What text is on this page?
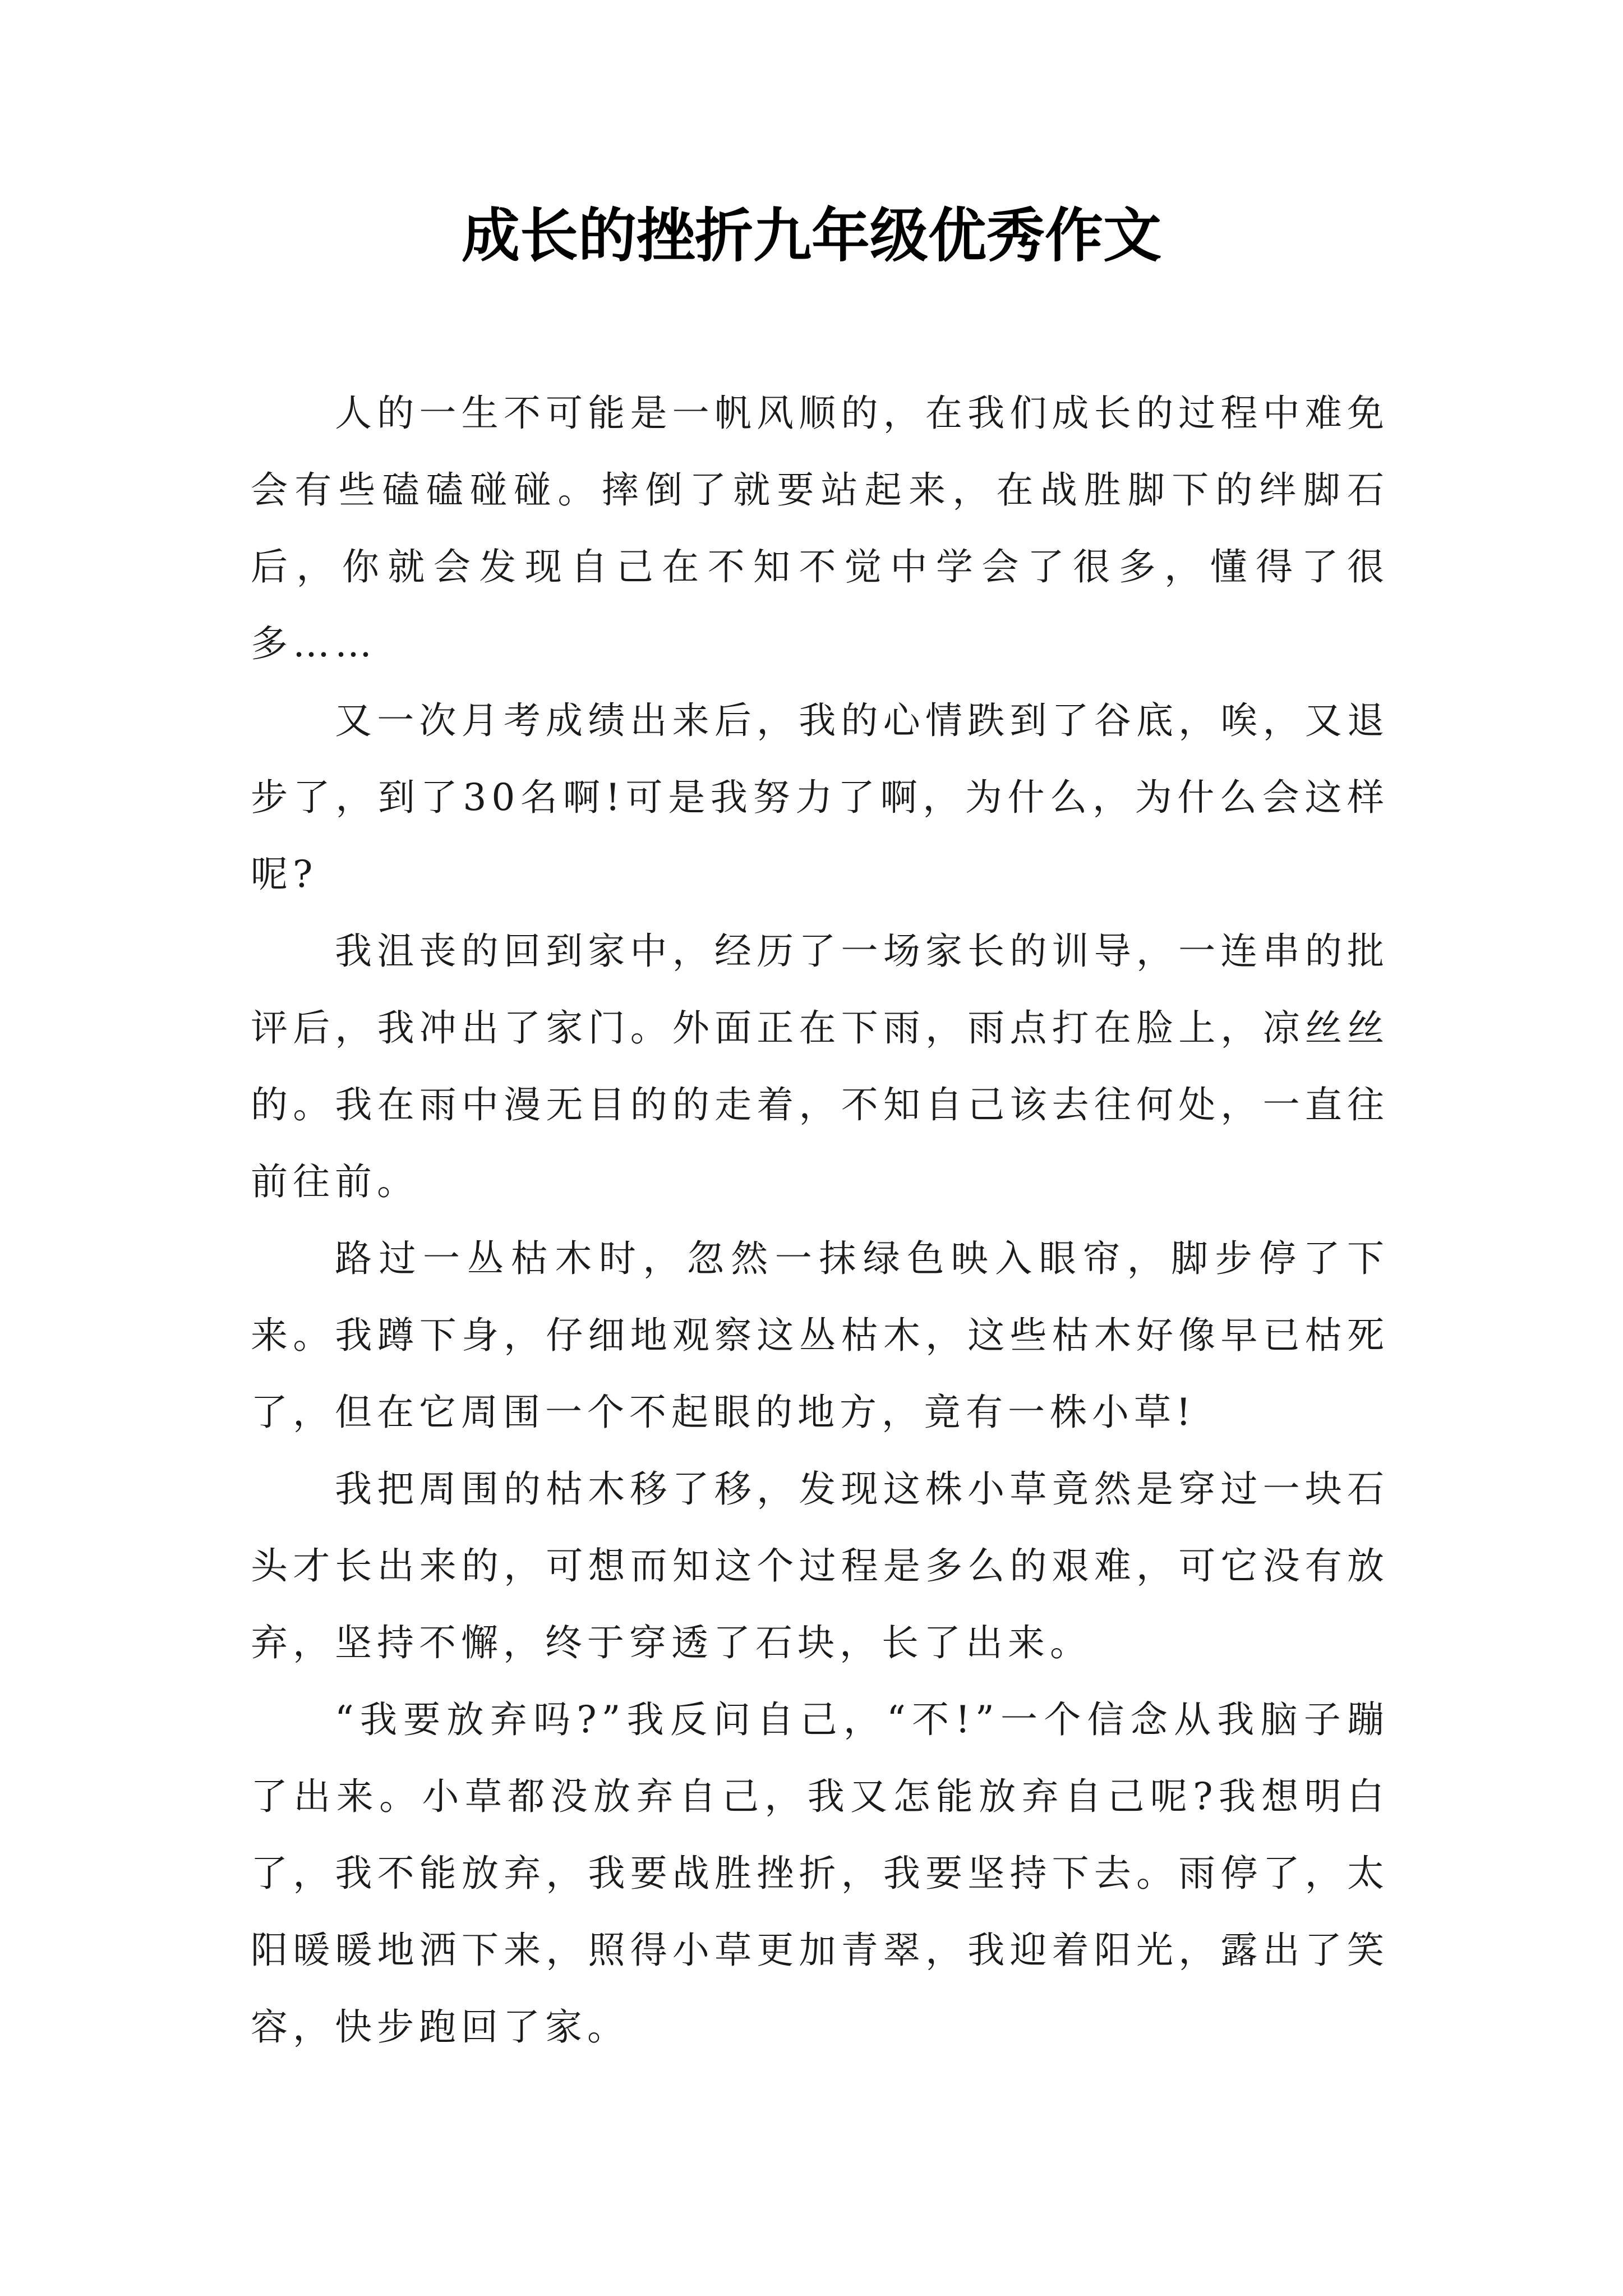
成长的挫折九年级优秀作文

人的一生不可能是一帆风顺的，在我们成长的过程中难免会有些磕磕碰碰。摔倒了就要站起来，在战胜脚下的绊脚石后，你就会发现自己在不知不觉中学会了很多，懂得了很多……

又一次月考成绩出来后，我的心情跌到了谷底，唉，又退步了，到了30名啊!可是我努力了啊，为什么，为什么会这样呢?

我沮丧的回到家中，经历了一场家长的训导，一连串的批评后，我冲出了家门。外面正在下雨，雨点打在脸上，凉丝丝的。我在雨中漫无目的的走着，不知自己该去往何处，一直往前往前。

路过一丛枯木时，忽然一抹绿色映入眼帘，脚步停了下来。我蹲下身，仔细地观察这丛枯木，这些枯木好像早已枯死了，但在它周围一个不起眼的地方，竟有一株小草!

我把周围的枯木移了移，发现这株小草竟然是穿过一块石头才长出来的，可想而知这个过程是多么的艰难，可它没有放弃，坚持不懈，终于穿透了石块，长了出来。

“我要放弃吗?”我反问自己，“不!”一个信念从我脑子蹦了出来。小草都没放弃自己，我又怎能放弃自己呢?我想明白了，我不能放弃，我要战胜挫折，我要坚持下去。雨停了，太阳暖暖地洒下来，照得小草更加青翠，我迎着阳光，露出了笑容，快步跑回了家。
